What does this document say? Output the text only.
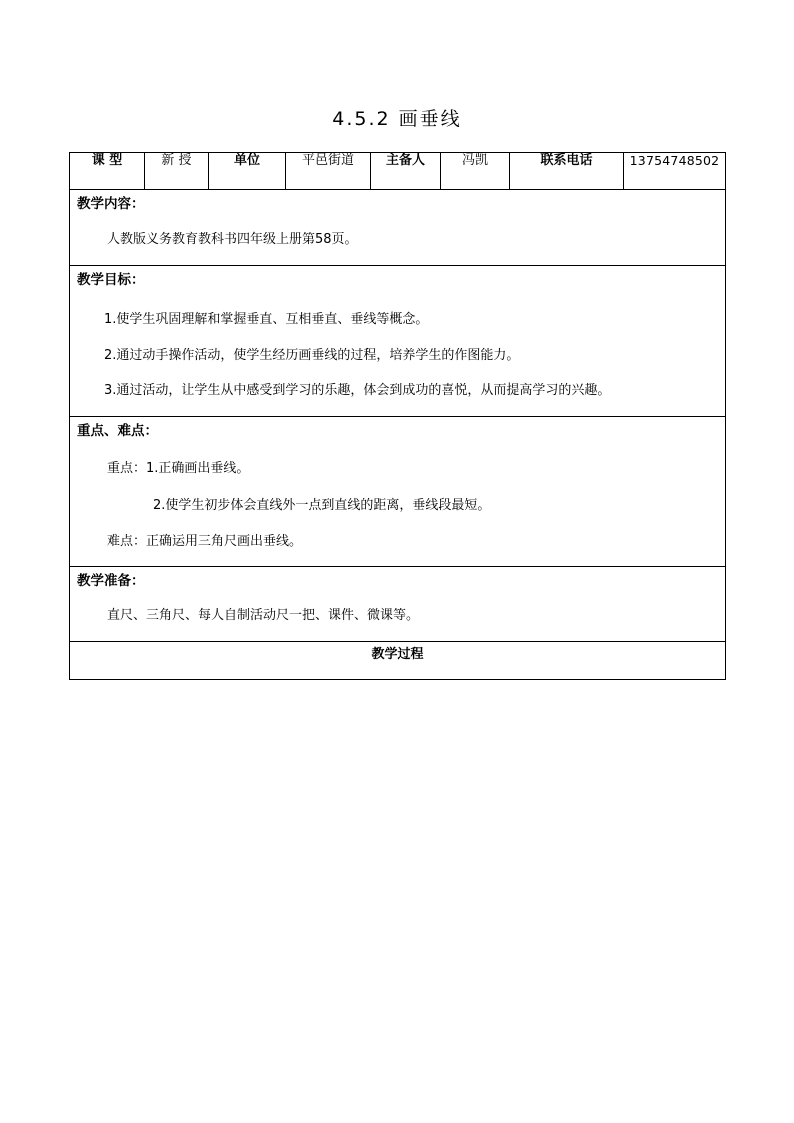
4.5.2 画垂线
课 型	新 授	单位	平邑街道	主备人	冯凯	联系电话	13754748502

教学内容：
人教版义务教育教科书四年级上册第58页。

教学目标：
1.使学生巩固理解和掌握垂直、互相垂直、垂线等概念。
2.通过动手操作活动，使学生经历画垂线的过程，培养学生的作图能力。
3.通过活动，让学生从中感受到学习的乐趣，体会到成功的喜悦，从而提高学习的兴趣。

重点、难点：
重点：1.正确画出垂线。
2.使学生初步体会直线外一点到直线的距离，垂线段最短。
难点：正确运用三角尺画出垂线。

教学准备：
直尺、三角尺、每人自制活动尺一把、课件、微课等。

教学过程
